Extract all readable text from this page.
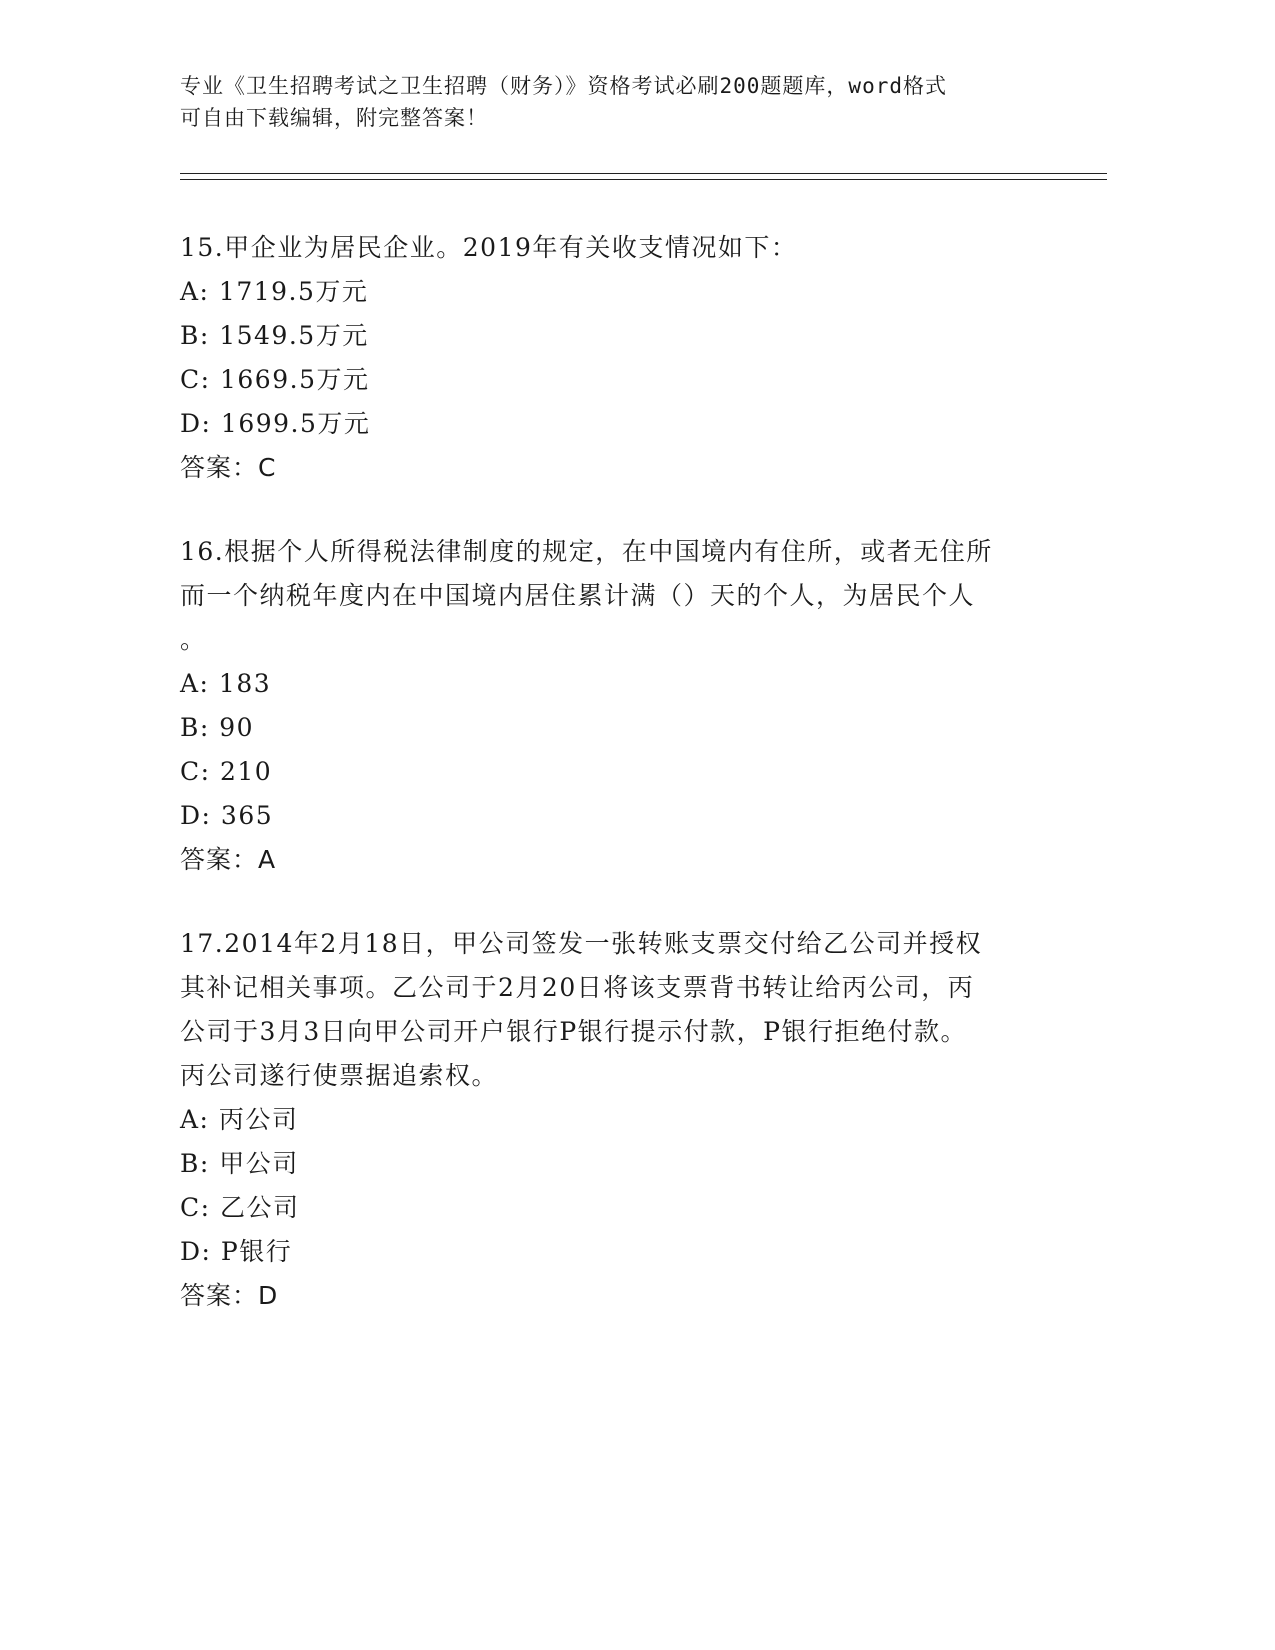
专业《卫生招聘考试之卫生招聘（财务）》资格考试必刷200题题库，word格式
可自由下载编辑，附完整答案！
15.甲企业为居民企业。2019年有关收支情况如下：
A: 1719.5万元
B: 1549.5万元
C: 1669.5万元
D: 1699.5万元
答案：C
16.根据个人所得税法律制度的规定，在中国境内有住所，或者无住所
而一个纳税年度内在中国境内居住累计满（）天的个人，为居民个人
。
A: 183
B: 90
C: 210
D: 365
答案：A
17.2014年2月18日，甲公司签发一张转账支票交付给乙公司并授权
其补记相关事项。乙公司于2月20日将该支票背书转让给丙公司，丙
公司于3月3日向甲公司开户银行P银行提示付款，P银行拒绝付款。
丙公司遂行使票据追索权。
A: 丙公司
B: 甲公司
C: 乙公司
D: P银行
答案：D
